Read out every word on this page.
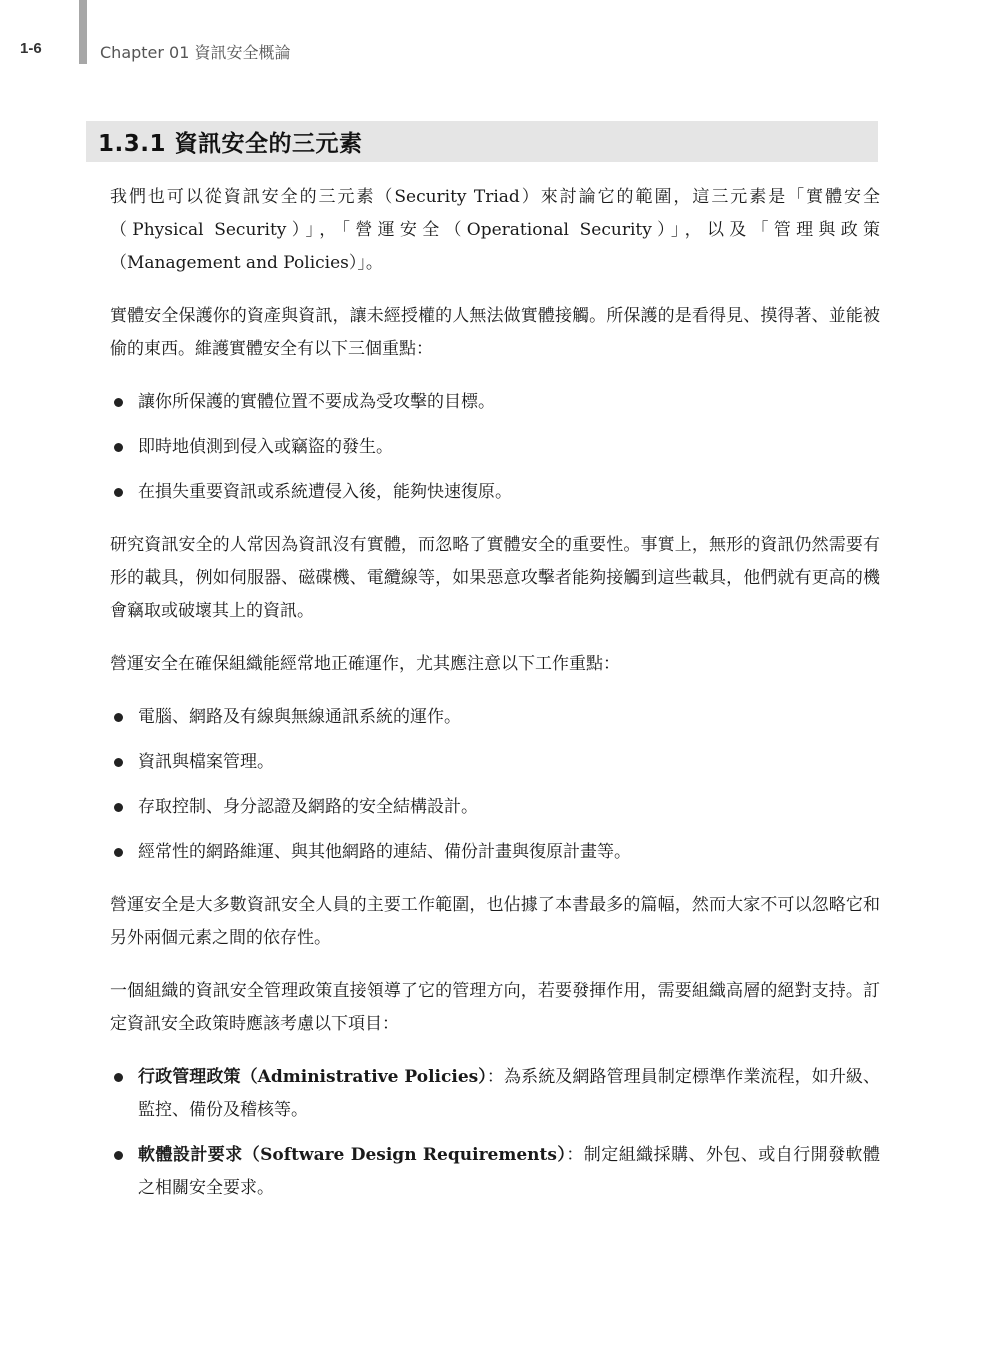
1-6	Chapter 01 資訊安全概論
1.3.1 資訊安全的三元素

我們也可以從資訊安全的三元素（Security Triad）來討論它的範圍，這三元素是「實體安全（Physical Security）」，「營運安全（Operational Security）」，以及「管理與政策（Management and Policies）」。

實體安全保護你的資產與資訊，讓未經授權的人無法做實體接觸。所保護的是看得見、摸得著、並能被偷的東西。維護實體安全有以下三個重點：

讓你所保護的實體位置不要成為受攻擊的目標。
即時地偵測到侵入或竊盜的發生。
在損失重要資訊或系統遭侵入後，能夠快速復原。

研究資訊安全的人常因為資訊沒有實體，而忽略了實體安全的重要性。事實上，無形的資訊仍然需要有形的載具，例如伺服器、磁碟機、電纜線等，如果惡意攻擊者能夠接觸到這些載具，他們就有更高的機會竊取或破壞其上的資訊。

營運安全在確保組織能經常地正確運作，尤其應注意以下工作重點：

電腦、網路及有線與無線通訊系統的運作。
資訊與檔案管理。
存取控制、身分認證及網路的安全結構設計。
經常性的網路維運、與其他網路的連結、備份計畫與復原計畫等。

營運安全是大多數資訊安全人員的主要工作範圍，也佔據了本書最多的篇幅，然而大家不可以忽略它和另外兩個元素之間的依存性。

一個組織的資訊安全管理政策直接領導了它的管理方向，若要發揮作用，需要組織高層的絕對支持。訂定資訊安全政策時應該考慮以下項目：

行政管理政策（Administrative Policies）：為系統及網路管理員制定標準作業流程，如升級、監控、備份及稽核等。
軟體設計要求（Software Design Requirements）：制定組織採購、外包、或自行開發軟體之相關安全要求。
